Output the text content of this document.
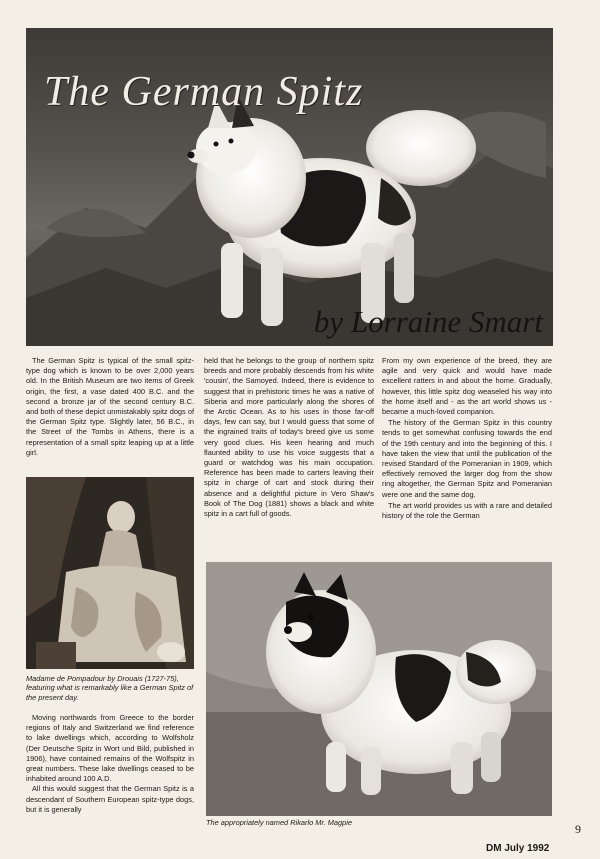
The German Spitz
by Lorraine Smart

The German Spitz is typical of the small spitz-type dog which is known to be over 2,000 years old. In the British Museum are two items of Greek origin, the first, a vase dated 400 B.C. and the second a bronze jar of the second century B.C. and both of these depict unmistakably spitz dogs of the German Spitz type. Slightly later, 56 B.C., in the Street of the Tombs in Athens, there is a representation of a small spitz leaping up at a little girl.

Madame de Pompadour by Drouais (1727-75), featuring what is remarkably like a German Spitz of the present day.

Moving northwards from Greece to the border regions of Italy and Switzerland we find reference to lake dwellings which, according to Wolfsholz (Der Deutsche Spitz in Wort und Bild, published in 1906), have contained remains of the Wolfspitz in great numbers. These lake dwellings ceased to be inhabited around 100 A.D.

All this would suggest that the German Spitz is a descendant of Southern European spitz-type dogs, but it is generally

held that he belongs to the group of northern spitz breeds and more probably descends from his white 'cousin', the Samoyed. Indeed, there is evidence to suggest that in prehistoric times he was a native of Siberia and more particularly along the shores of the Arctic Ocean. As to his uses in those far-off days, few can say, but I would guess that some of the ingrained traits of today's breed give us some very good clues. His keen hearing and much flaunted ability to use his voice suggests that a guard or watchdog was his main occupation. Reference has been made to carters leaving their spitz in charge of cart and stock during their absence and a delightful picture in Vero Shaw's Book of The Dog (1881) shows a black and white spitz in a cart full of goods.

From my own experience of the breed, they are agile and very quick and would have made excellent ratters in and about the home. Gradually, however, this little spitz dog weaseled his way into the home itself and - as the art world shows us - became a much-loved companion.

The history of the German Spitz in this country tends to get somewhat confusing towards the end of the 19th century and into the beginning of this. I have taken the view that until the publication of the revised Standard of the Pomeranian in 1909, which effectively removed the larger dog from the show ring altogether, the German Spitz and Pomeranian were one and the same dog.

The art world provides us with a rare and detailed history of the role the German

The appropriately named Rikarlo Mr. Magpie	9
DM July 1992
